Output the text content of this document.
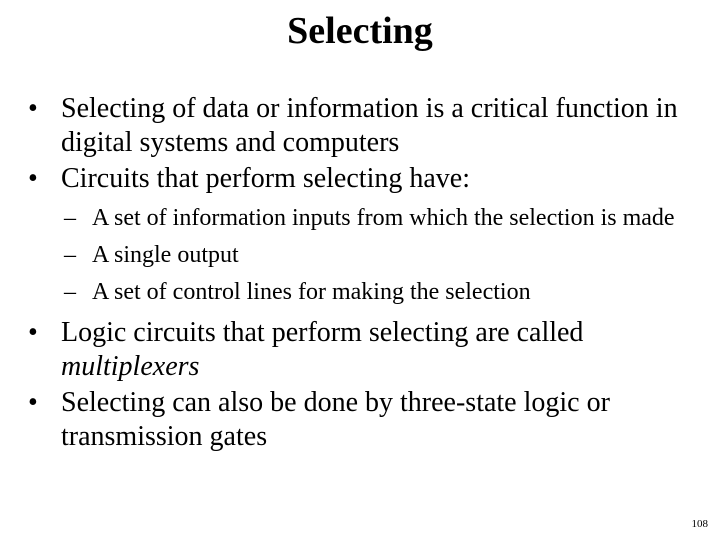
Selecting
• Selecting of data or information is a critical function in digital systems and computers
• Circuits that perform selecting have:
– A set of information inputs from which the selection is made
– A single output
– A set of control lines for making the selection
• Logic circuits that perform selecting are called multiplexers
• Selecting can also be done by three-state logic or transmission gates
108
